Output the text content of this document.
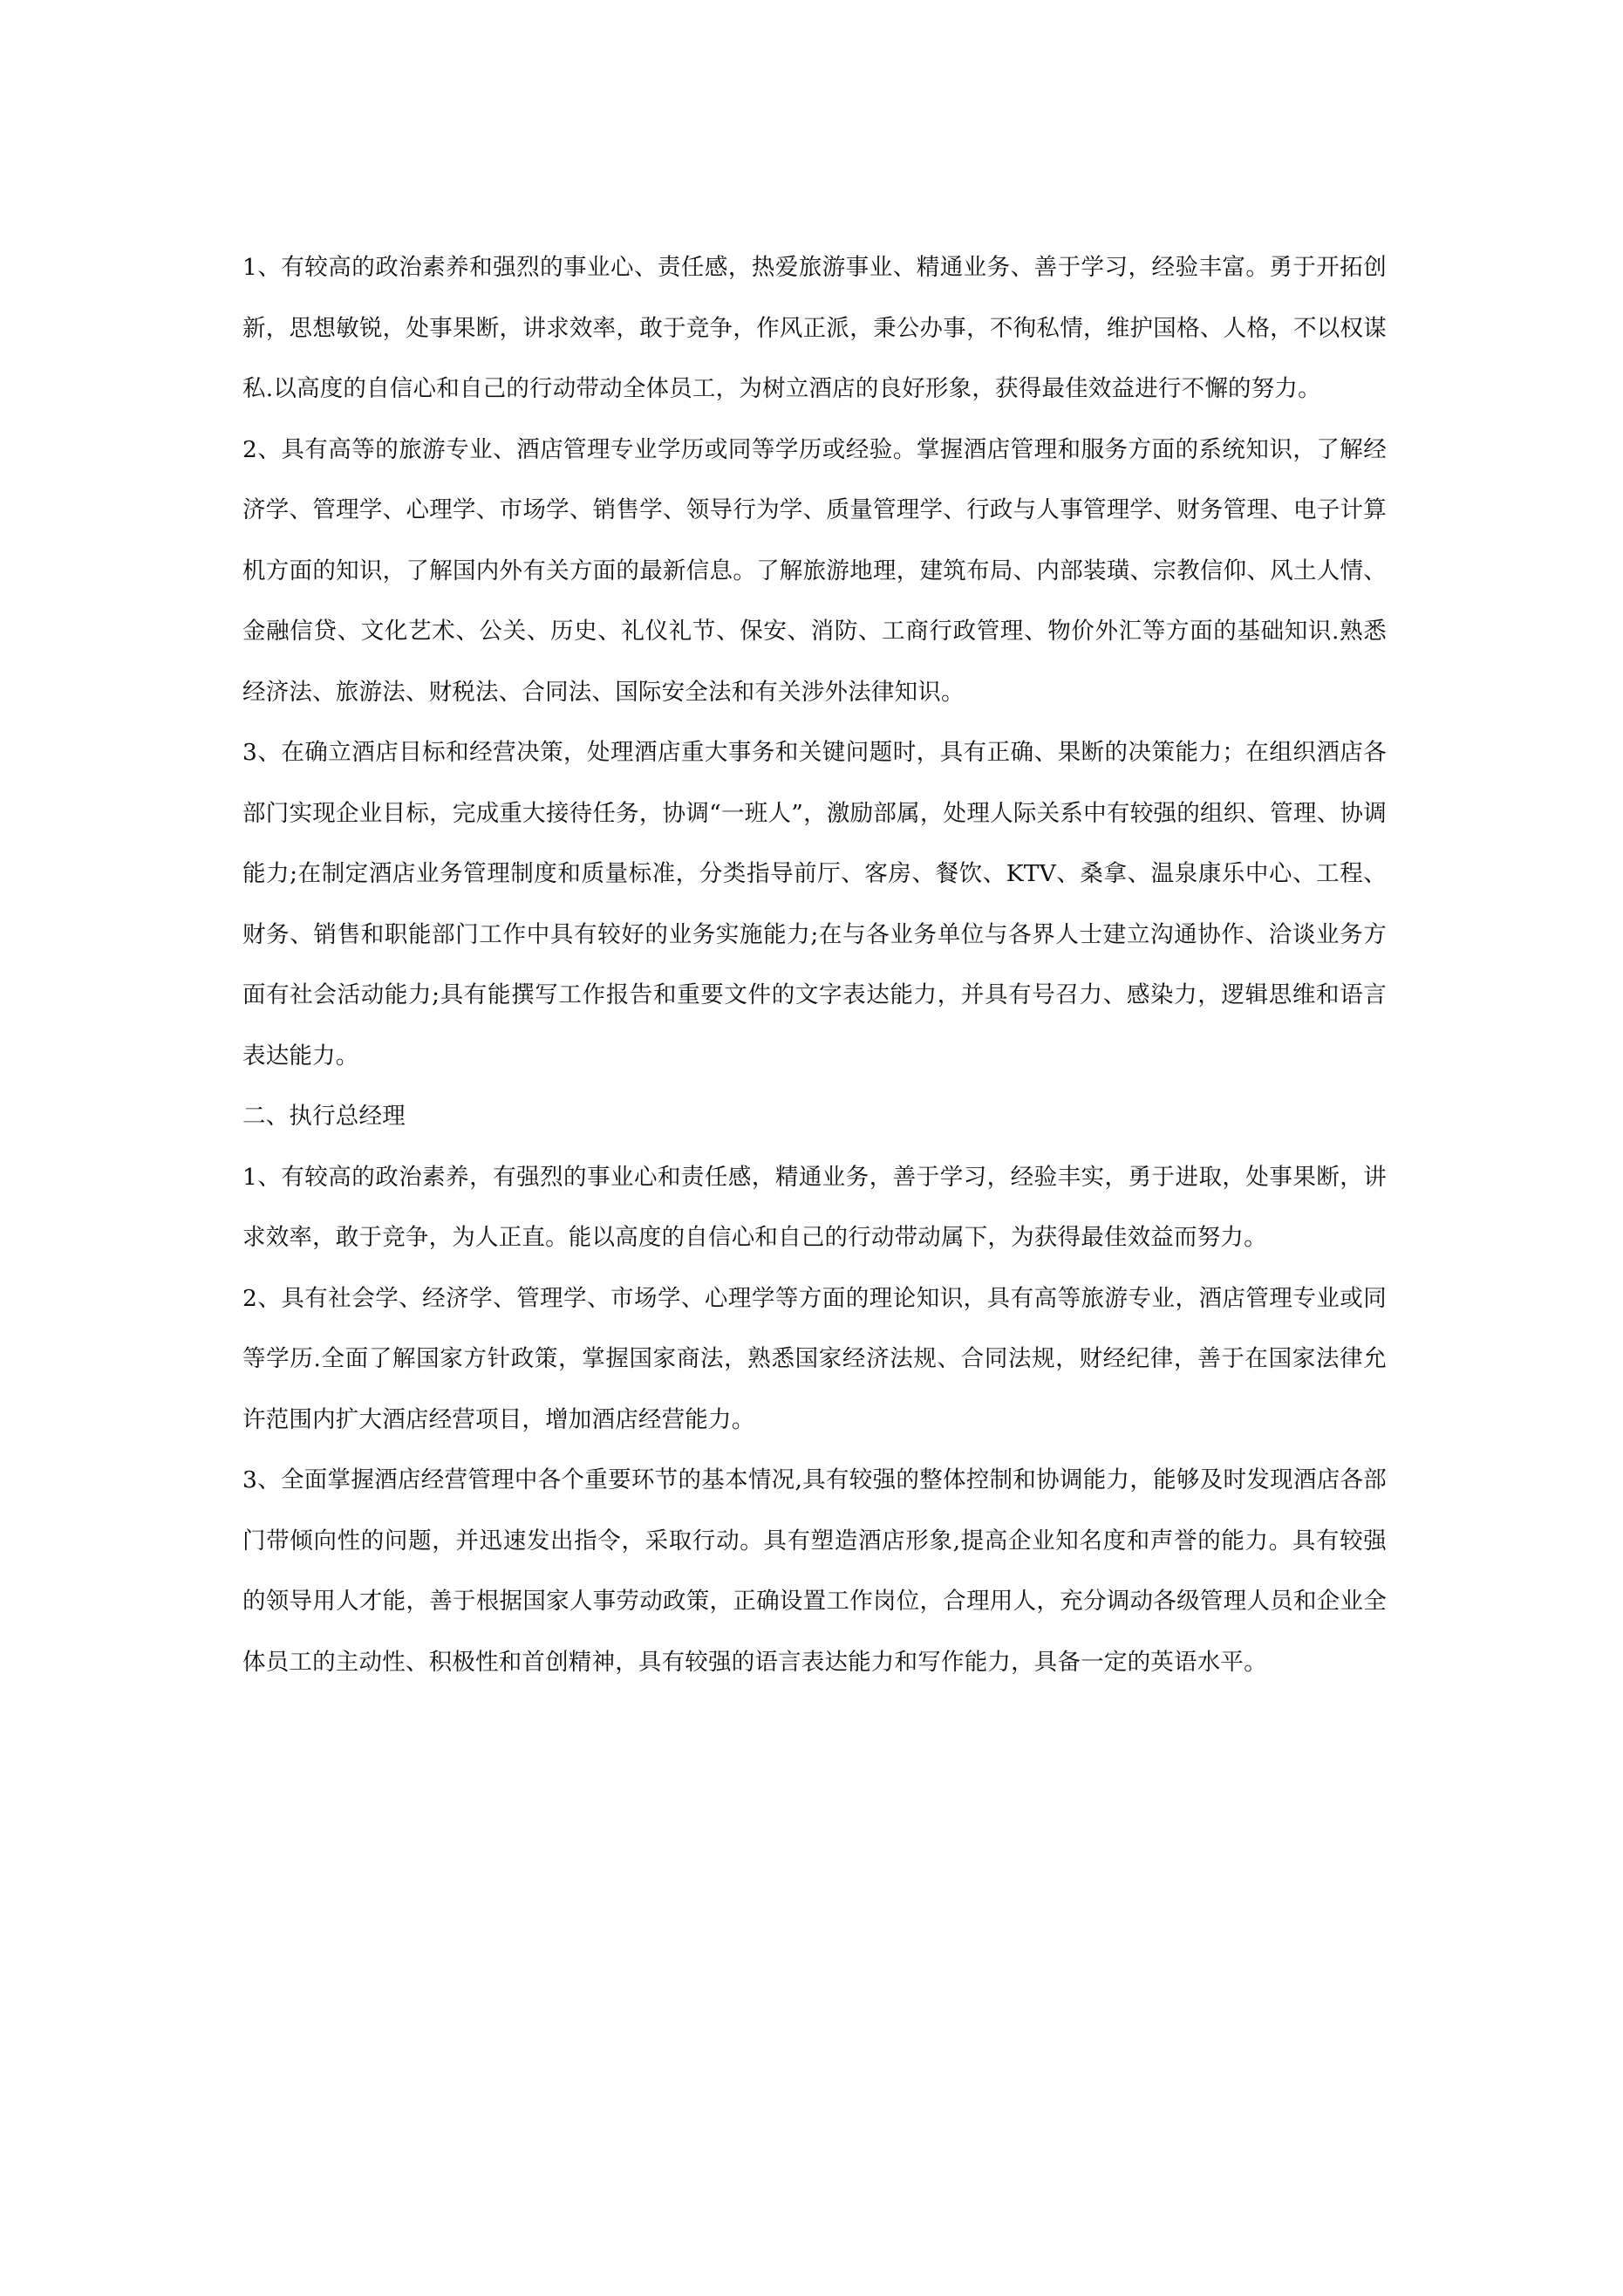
1、有较高的政治素养和强烈的事业心、责任感，热爱旅游事业、精通业务、善于学习，经验丰富。勇于开拓创新，思想敏锐，处事果断，讲求效率，敢于竞争，作风正派，秉公办事，不徇私情，维护国格、人格，不以权谋私.以高度的自信心和自己的行动带动全体员工，为树立酒店的良好形象，获得最佳效益进行不懈的努力。

2、具有高等的旅游专业、酒店管理专业学历或同等学历或经验。掌握酒店管理和服务方面的系统知识，了解经济学、管理学、心理学、市场学、销售学、领导行为学、质量管理学、行政与人事管理学、财务管理、电子计算机方面的知识，了解国内外有关方面的最新信息。了解旅游地理，建筑布局、内部装璜、宗教信仰、风土人情、金融信贷、文化艺术、公关、历史、礼仪礼节、保安、消防、工商行政管理、物价外汇等方面的基础知识.熟悉经济法、旅游法、财税法、合同法、国际安全法和有关涉外法律知识。

3、在确立酒店目标和经营决策，处理酒店重大事务和关键问题时，具有正确、果断的决策能力；在组织酒店各部门实现企业目标，完成重大接待任务，协调“一班人”，激励部属，处理人际关系中有较强的组织、管理、协调能力;在制定酒店业务管理制度和质量标准，分类指导前厅、客房、餐饮、KTV、桑拿、温泉康乐中心、工程、财务、销售和职能部门工作中具有较好的业务实施能力;在与各业务单位与各界人士建立沟通协作、洽谈业务方面有社会活动能力;具有能撰写工作报告和重要文件的文字表达能力，并具有号召力、感染力，逻辑思维和语言表达能力。

二、执行总经理

1、有较高的政治素养，有强烈的事业心和责任感，精通业务，善于学习，经验丰实，勇于进取，处事果断，讲求效率，敢于竞争，为人正直。能以高度的自信心和自己的行动带动属下，为获得最佳效益而努力。

2、具有社会学、经济学、管理学、市场学、心理学等方面的理论知识，具有高等旅游专业，酒店管理专业或同等学历.全面了解国家方针政策，掌握国家商法，熟悉国家经济法规、合同法规，财经纪律，善于在国家法律允许范围内扩大酒店经营项目，增加酒店经营能力。

3、全面掌握酒店经营管理中各个重要环节的基本情况,具有较强的整体控制和协调能力，能够及时发现酒店各部门带倾向性的问题，并迅速发出指令，采取行动。具有塑造酒店形象,提高企业知名度和声誉的能力。具有较强的领导用人才能，善于根据国家人事劳动政策，正确设置工作岗位，合理用人，充分调动各级管理人员和企业全体员工的主动性、积极性和首创精神，具有较强的语言表达能力和写作能力，具备一定的英语水平。
